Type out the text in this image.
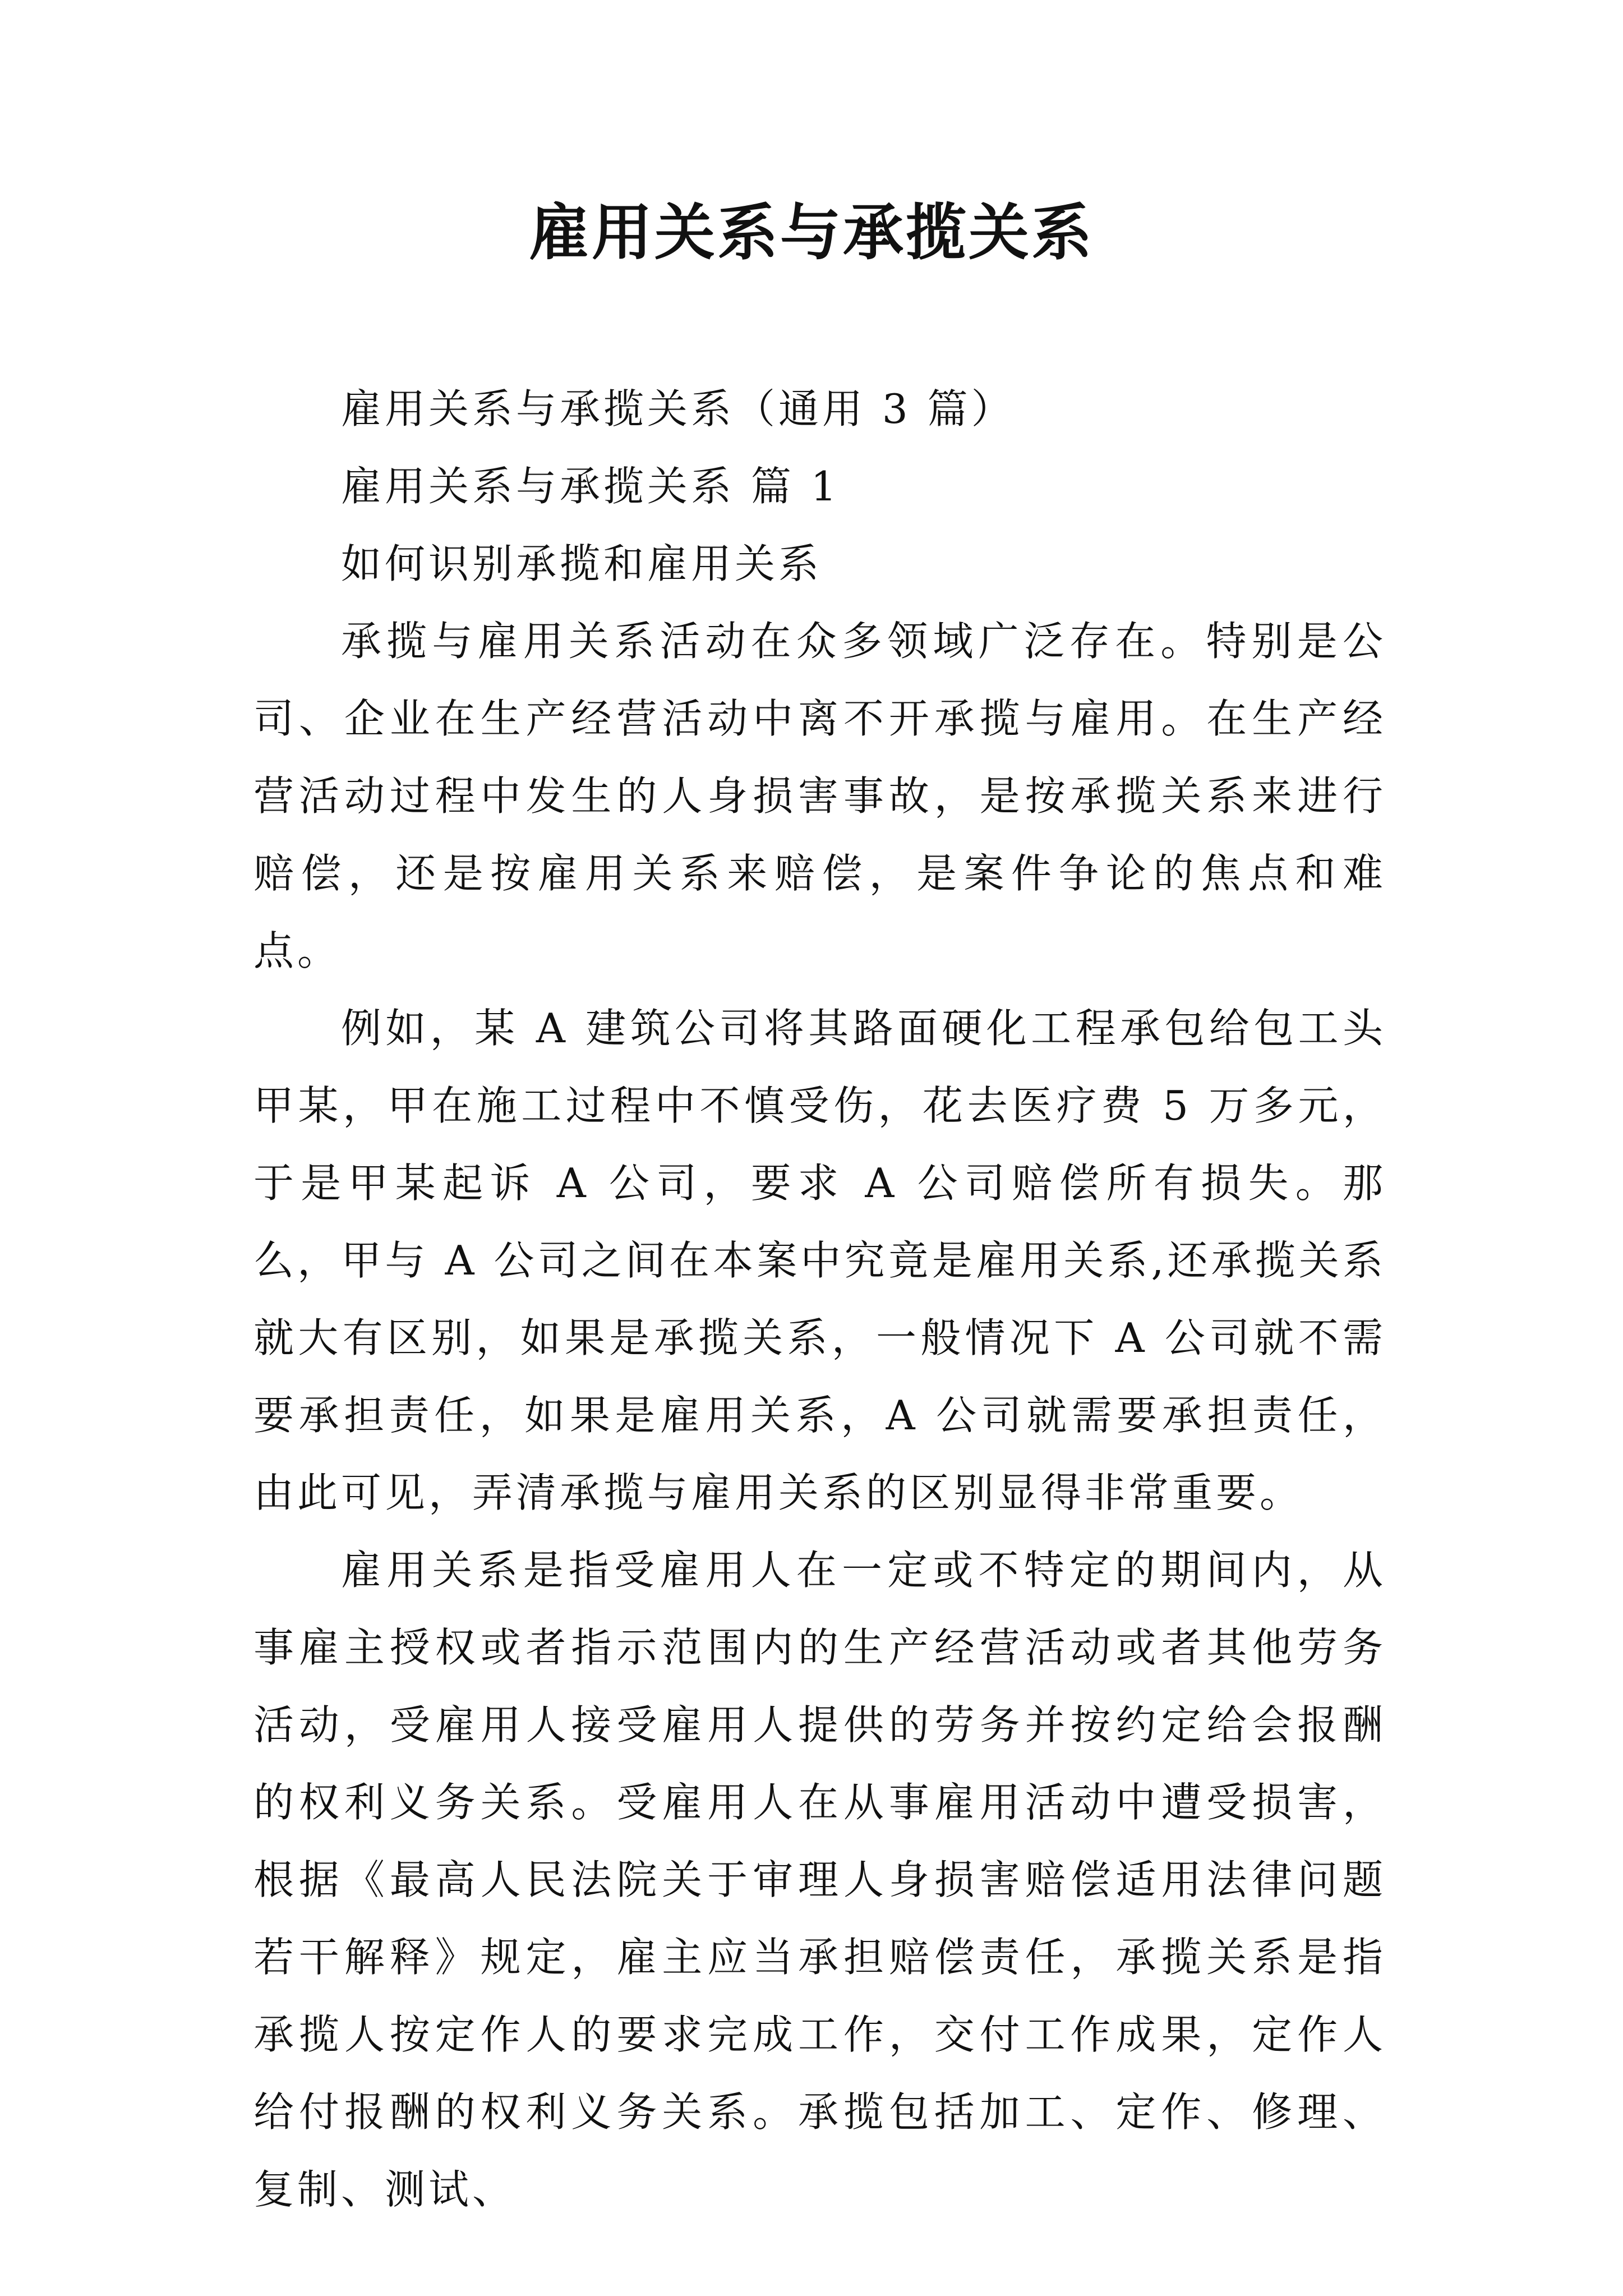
雇用关系与承揽关系

雇用关系与承揽关系（通用 3 篇）

雇用关系与承揽关系 篇 1

如何识别承揽和雇用关系

承揽与雇用关系活动在众多领域广泛存在。特别是公司、企业在生产经营活动中离不开承揽与雇用。在生产经营活动过程中发生的人身损害事故，是按承揽关系来进行赔偿，还是按雇用关系来赔偿，是案件争论的焦点和难点。

例如，某 A 建筑公司将其路面硬化工程承包给包工头甲某，甲在施工过程中不慎受伤，花去医疗费 5 万多元，于是甲某起诉 A 公司，要求 A 公司赔偿所有损失。那么，甲与 A 公司之间在本案中究竟是雇用关系,还承揽关系就大有区别，如果是承揽关系，一般情况下 A 公司就不需要承担责任，如果是雇用关系，A 公司就需要承担责任，由此可见，弄清承揽与雇用关系的区别显得非常重要。

雇用关系是指受雇用人在一定或不特定的期间内，从事雇主授权或者指示范围内的生产经营活动或者其他劳务活动，受雇用人接受雇用人提供的劳务并按约定给会报酬的权利义务关系。受雇用人在从事雇用活动中遭受损害，根据《最高人民法院关于审理人身损害赔偿适用法律问题若干解释》规定，雇主应当承担赔偿责任，承揽关系是指承揽人按定作人的要求完成工作，交付工作成果，定作人给付报酬的权利义务关系。承揽包括加工、定作、修理、复制、测试、
